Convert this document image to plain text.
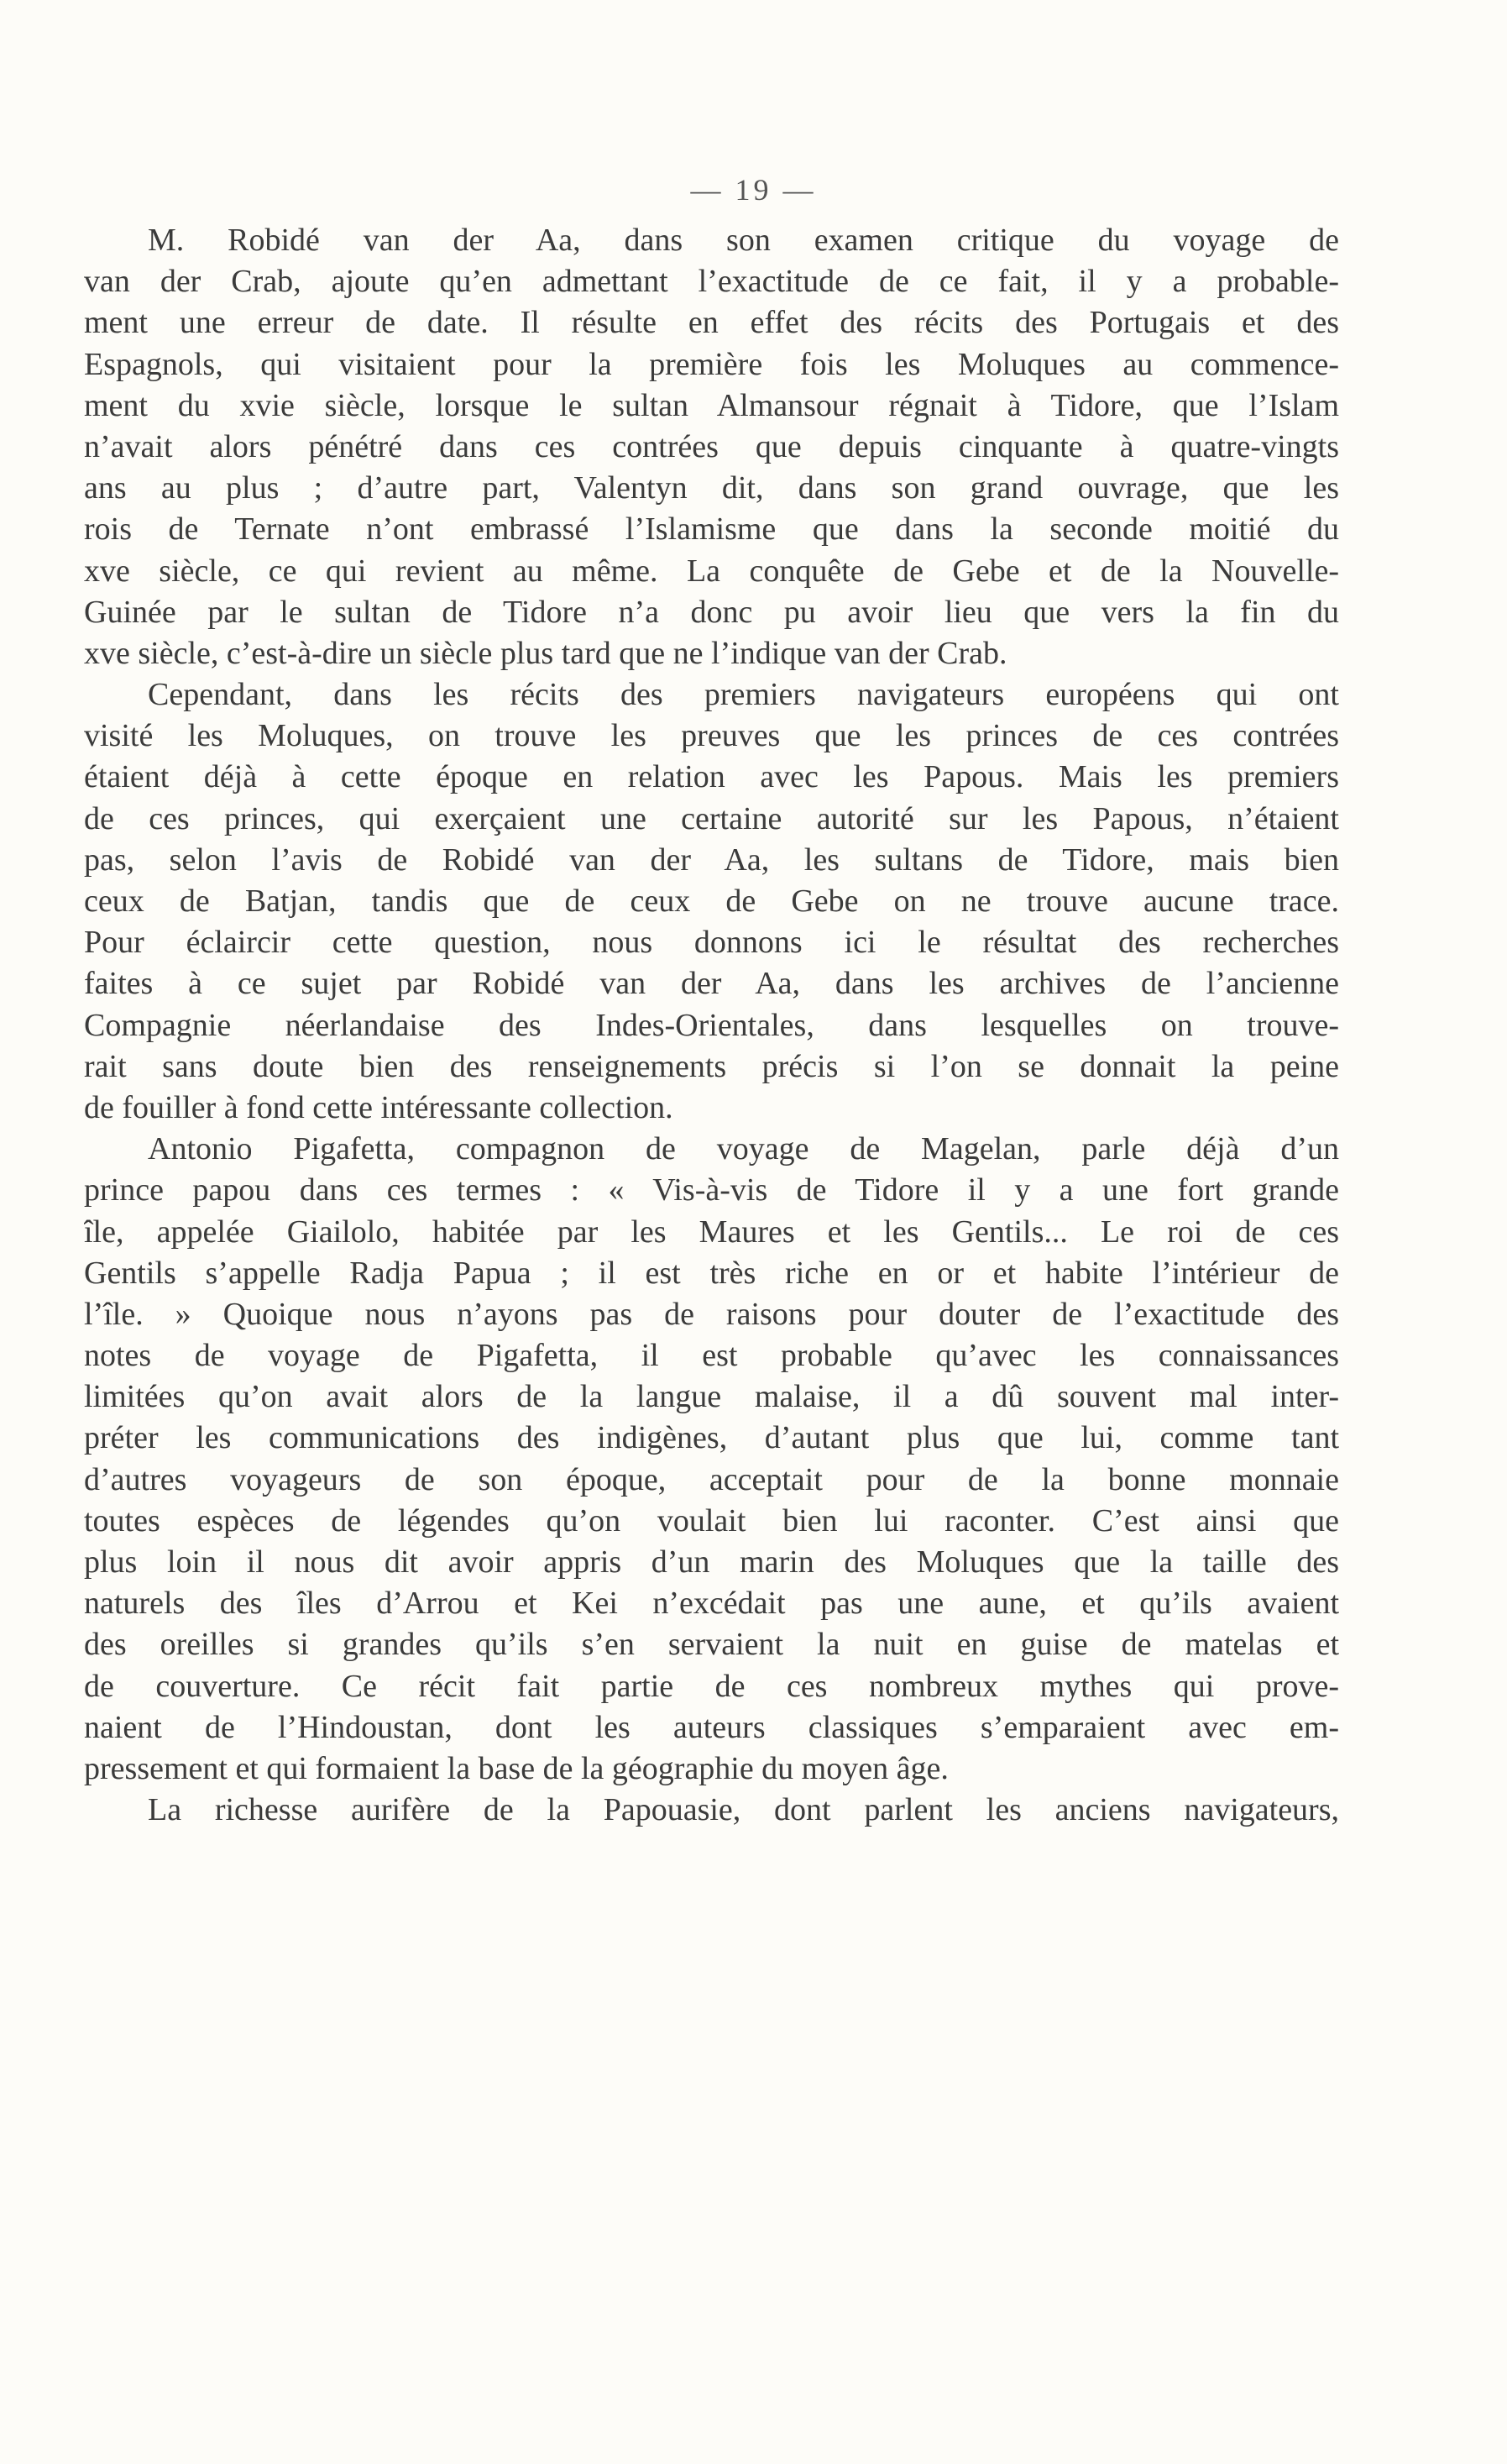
— 19 —
M. Robidé van der Aa, dans son examen critique du voyage de
van der Crab, ajoute qu’en admettant l’exactitude de ce fait, il y a probable-
ment une erreur de date. Il résulte en effet des récits des Portugais et des
Espagnols, qui visitaient pour la première fois les Moluques au commence-
ment du xvie siècle, lorsque le sultan Almansour régnait à Tidore, que l’Islam
n’avait alors pénétré dans ces contrées que depuis cinquante à quatre-vingts
ans au plus ; d’autre part, Valentyn dit, dans son grand ouvrage, que les
rois de Ternate n’ont embrassé l’Islamisme que dans la seconde moitié du
xve siècle, ce qui revient au même. La conquête de Gebe et de la Nouvelle-
Guinée par le sultan de Tidore n’a donc pu avoir lieu que vers la fin du
xve siècle, c’est-à-dire un siècle plus tard que ne l’indique van der Crab.
Cependant, dans les récits des premiers navigateurs européens qui ont
visité les Moluques, on trouve les preuves que les princes de ces contrées
étaient déjà à cette époque en relation avec les Papous. Mais les premiers
de ces princes, qui exerçaient une certaine autorité sur les Papous, n’étaient
pas, selon l’avis de Robidé van der Aa, les sultans de Tidore, mais bien
ceux de Batjan, tandis que de ceux de Gebe on ne trouve aucune trace.
Pour éclaircir cette question, nous donnons ici le résultat des recherches
faites à ce sujet par Robidé van der Aa, dans les archives de l’ancienne
Compagnie néerlandaise des Indes-Orientales, dans lesquelles on trouve-
rait sans doute bien des renseignements précis si l’on se donnait la peine
de fouiller à fond cette intéressante collection.
Antonio Pigafetta, compagnon de voyage de Magelan, parle déjà d’un
prince papou dans ces termes : « Vis-à-vis de Tidore il y a une fort grande
île, appelée Giailolo, habitée par les Maures et les Gentils... Le roi de ces
Gentils s’appelle Radja Papua ; il est très riche en or et habite l’intérieur de
l’île. » Quoique nous n’ayons pas de raisons pour douter de l’exactitude des
notes de voyage de Pigafetta, il est probable qu’avec les connaissances
limitées qu’on avait alors de la langue malaise, il a dû souvent mal inter-
préter les communications des indigènes, d’autant plus que lui, comme tant
d’autres voyageurs de son époque, acceptait pour de la bonne monnaie
toutes espèces de légendes qu’on voulait bien lui raconter. C’est ainsi que
plus loin il nous dit avoir appris d’un marin des Moluques que la taille des
naturels des îles d’Arrou et Kei n’excédait pas une aune, et qu’ils avaient
des oreilles si grandes qu’ils s’en servaient la nuit en guise de matelas et
de couverture. Ce récit fait partie de ces nombreux mythes qui prove-
naient de l’Hindoustan, dont les auteurs classiques s’emparaient avec em-
pressement et qui formaient la base de la géographie du moyen âge.
La richesse aurifère de la Papouasie, dont parlent les anciens navigateurs,
